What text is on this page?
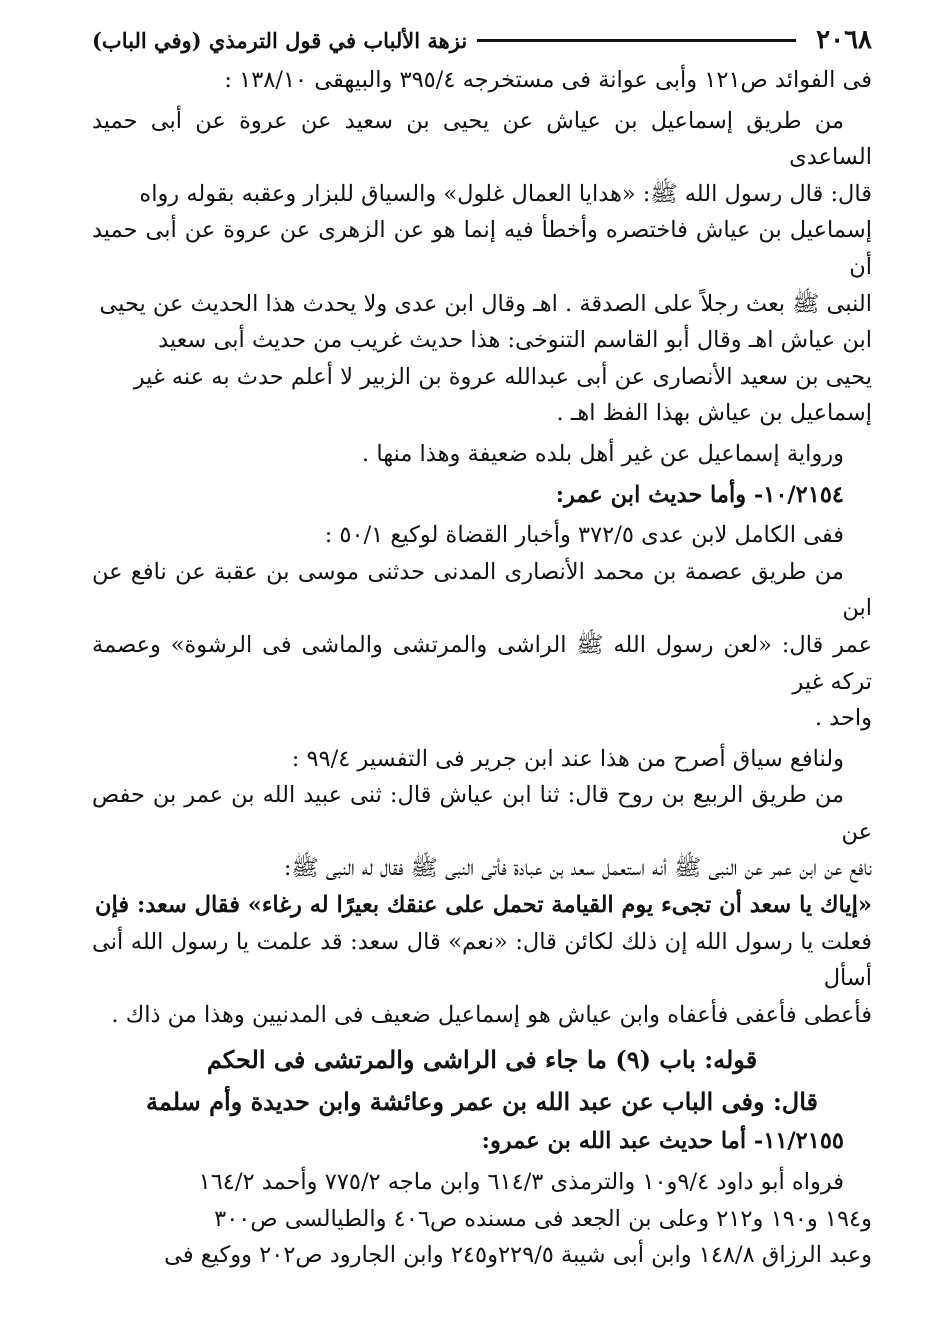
٢٠٦٨
نزهة الألباب في قول الترمذي (وفي الباب)

فى الفوائد ص١٢١ وأبى عوانة فى مستخرجه ٣٩٥/٤ والبيهقى ١٣٨/١٠ :

من طريق إسماعيل بن عياش عن يحيى بن سعيد عن عروة عن أبى حميد الساعدى

قال: قال رسول الله ﷺ: «هدايا العمال غلول» والسياق للبزار وعقبه بقوله رواه

إسماعيل بن عياش فاختصره وأخطأ فيه إنما هو عن الزهرى عن عروة عن أبى حميد أن

النبى ﷺ بعث رجلاً على الصدقة . اهـ وقال ابن عدى ولا يحدث هذا الحديث عن يحيى

ابن عياش اهـ وقال أبو القاسم التنوخى: هذا حديث غريب من حديث أبى سعيد

يحيى بن سعيد الأنصارى عن أبى عبدالله عروة بن الزبير لا أعلم حدث به عنه غير

إسماعيل بن عياش بهذا الفظ اهـ .

ورواية إسماعيل عن غير أهل بلده ضعيفة وهذا منها .

١٠/٢١٥٤- وأما حديث ابن عمر:

ففى الكامل لابن عدى ٣٧٢/٥ وأخبار القضاة لوكيع ٥٠/١ :

من طريق عصمة بن محمد الأنصارى المدنى حدثنى موسى بن عقبة عن نافع عن ابن

عمر قال: «لعن رسول الله ﷺ الراشى والمرتشى والماشى فى الرشوة» وعصمة تركه غير

واحد .

ولنافع سياق أصرح من هذا عند ابن جرير فى التفسير ٩٩/٤ :

من طريق الربيع بن روح قال: ثنا ابن عياش قال: ثنى عبيد الله بن عمر بن حفص عن

نافع عن ابن عمر عن النبى ﷺ أنه استعمل سعد بن عبادة فأتى النبى ﷺ فقال له النبى ﷺ:

«إياك يا سعد أن تجىء يوم القيامة تحمل على عنقك بعيرًا له رغاء» فقال سعد: فإن

فعلت يا رسول الله إن ذلك لكائن قال: «نعم» قال سعد: قد علمت يا رسول الله أنى أسأل

فأعطى فأعفى فأعفاه وابن عياش هو إسماعيل ضعيف فى المدنيين وهذا من ذاك .

قوله: باب (٩) ما جاء فى الراشى والمرتشى فى الحكم

قال: وفى الباب عن عبد الله بن عمر وعائشة وابن حديدة وأم سلمة

١١/٢١٥٥- أما حديث عبد الله بن عمرو:

فرواه أبو داود ٩/٤و١٠ والترمذى ٦١٤/٣ وابن ماجه ٧٧٥/٢ وأحمد ١٦٤/٢

و١٩٤ و١٩٠ و٢١٢ وعلى بن الجعد فى مسنده ص٤٠٦ والطيالسى ص٣٠٠

وعبد الرزاق ١٤٨/٨ وابن أبى شيبة ٢٢٩/٥و٢٤٥ وابن الجارود ص٢٠٢ ووكيع فى
